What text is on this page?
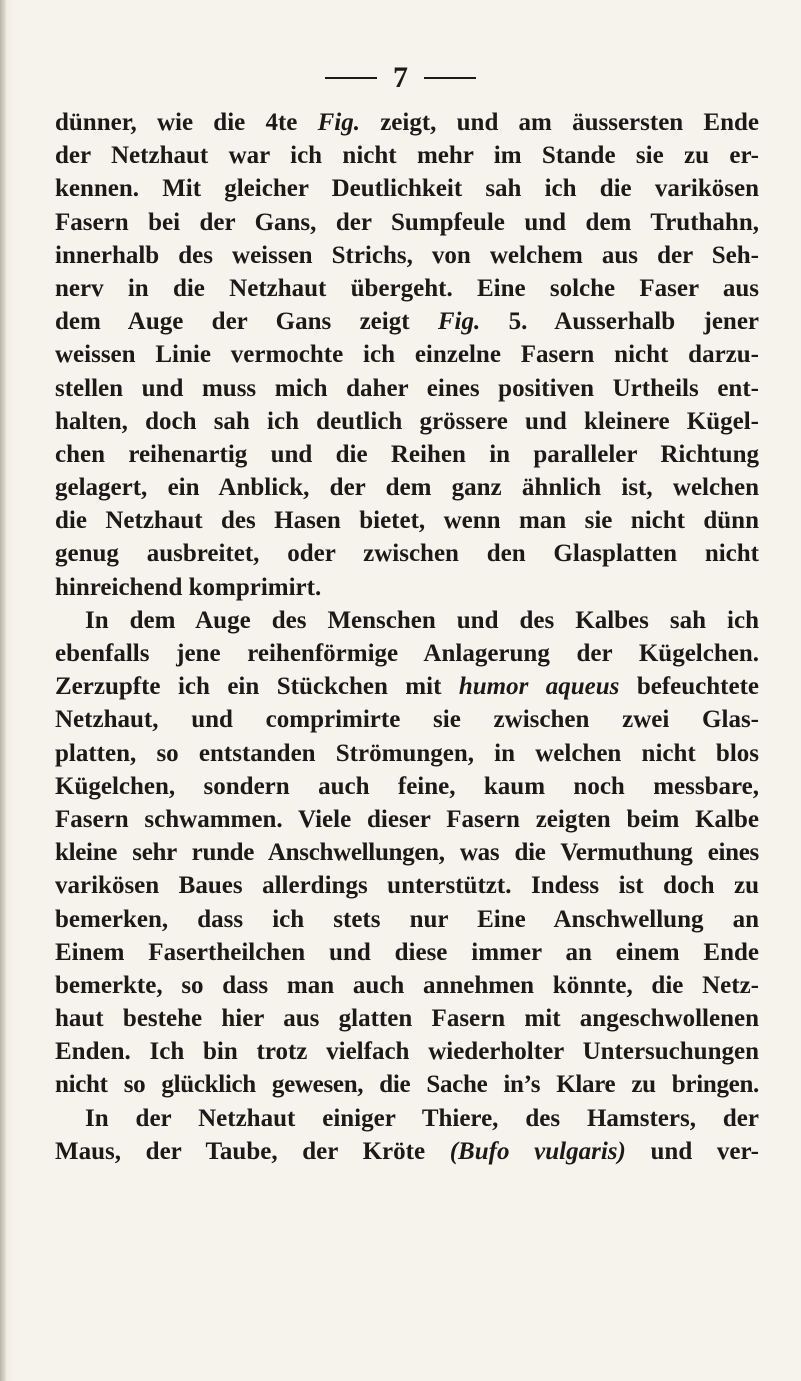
7
dünner, wie die 4te Fig. zeigt, und am äussersten Ende
der Netzhaut war ich nicht mehr im Stande sie zu er-
kennen. Mit gleicher Deutlichkeit sah ich die varikösen
Fasern bei der Gans, der Sumpfeule und dem Truthahn,
innerhalb des weissen Strichs, von welchem aus der Seh-
nerv in die Netzhaut übergeht. Eine solche Faser aus
dem Auge der Gans zeigt Fig. 5. Ausserhalb jener
weissen Linie vermochte ich einzelne Fasern nicht darzu-
stellen und muss mich daher eines positiven Urtheils ent-
halten, doch sah ich deutlich grössere und kleinere Kügel-
chen reihenartig und die Reihen in paralleler Richtung
gelagert, ein Anblick, der dem ganz ähnlich ist, welchen
die Netzhaut des Hasen bietet, wenn man sie nicht dünn
genug ausbreitet, oder zwischen den Glasplatten nicht
hinreichend komprimirt.
In dem Auge des Menschen und des Kalbes sah ich
ebenfalls jene reihenförmige Anlagerung der Kügelchen.
Zerzupfte ich ein Stückchen mit humor aqueus befeuchtete
Netzhaut, und comprimirte sie zwischen zwei Glas-
platten, so entstanden Strömungen, in welchen nicht blos
Kügelchen, sondern auch feine, kaum noch messbare,
Fasern schwammen. Viele dieser Fasern zeigten beim Kalbe
kleine sehr runde Anschwellungen, was die Vermuthung eines
varikösen Baues allerdings unterstützt. Indess ist doch zu
bemerken, dass ich stets nur Eine Anschwellung an
Einem Fasertheilchen und diese immer an einem Ende
bemerkte, so dass man auch annehmen könnte, die Netz-
haut bestehe hier aus glatten Fasern mit angeschwollenen
Enden. Ich bin trotz vielfach wiederholter Untersuchungen
nicht so glücklich gewesen, die Sache in’s Klare zu bringen.
In der Netzhaut einiger Thiere, des Hamsters, der
Maus, der Taube, der Kröte (Bufo vulgaris) und ver-
